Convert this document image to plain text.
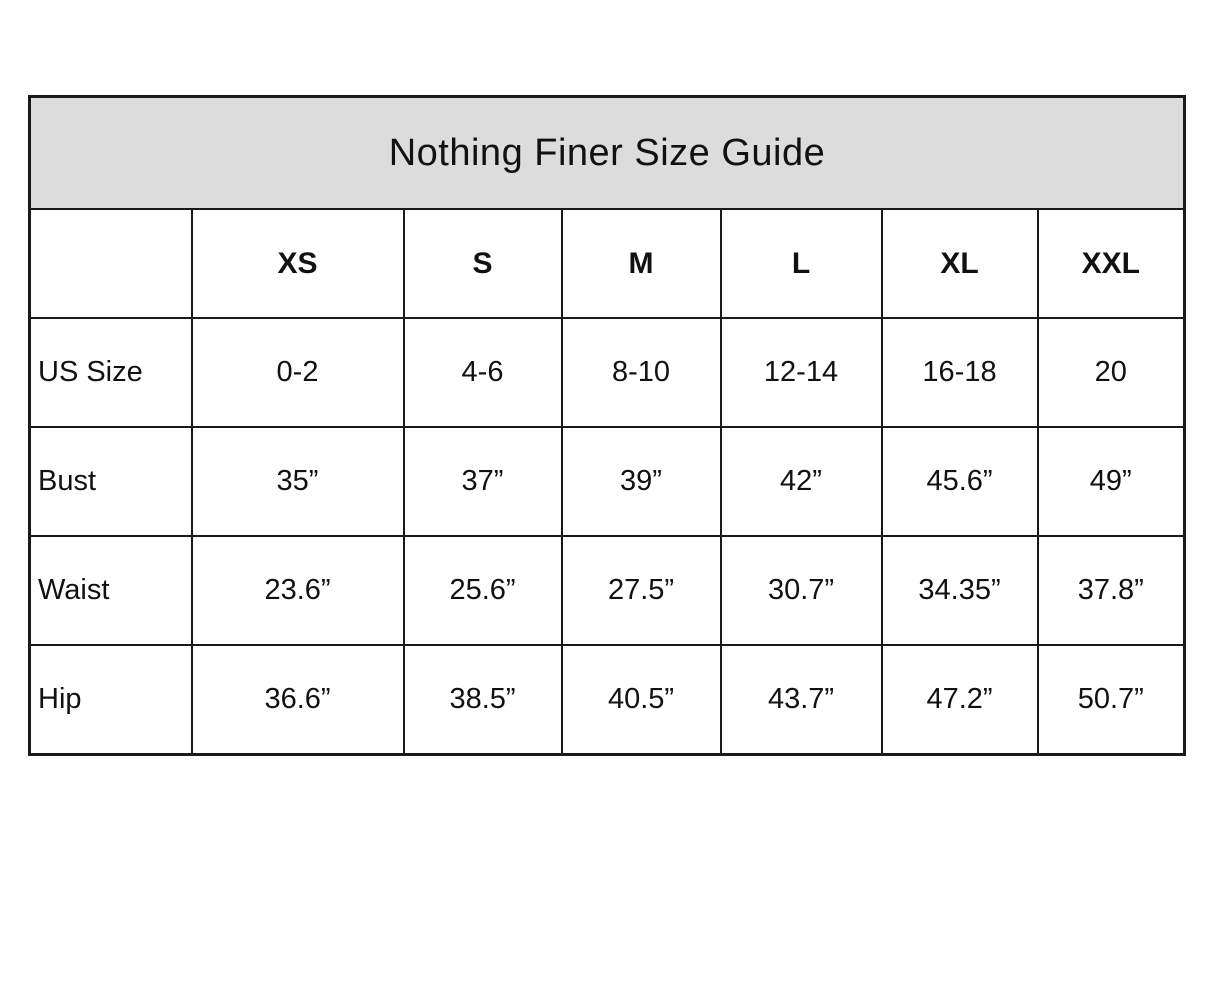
Nothing Finer Size Guide						
	XS	S	M	L	XL	XXL
US Size	0-2	4-6	8-10	12-14	16-18	20
Bust	35”	37”	39”	42”	45.6”	49”
Waist	23.6”	25.6”	27.5”	30.7”	34.35”	37.8”
Hip	36.6”	38.5”	40.5”	43.7”	47.2”	50.7”
